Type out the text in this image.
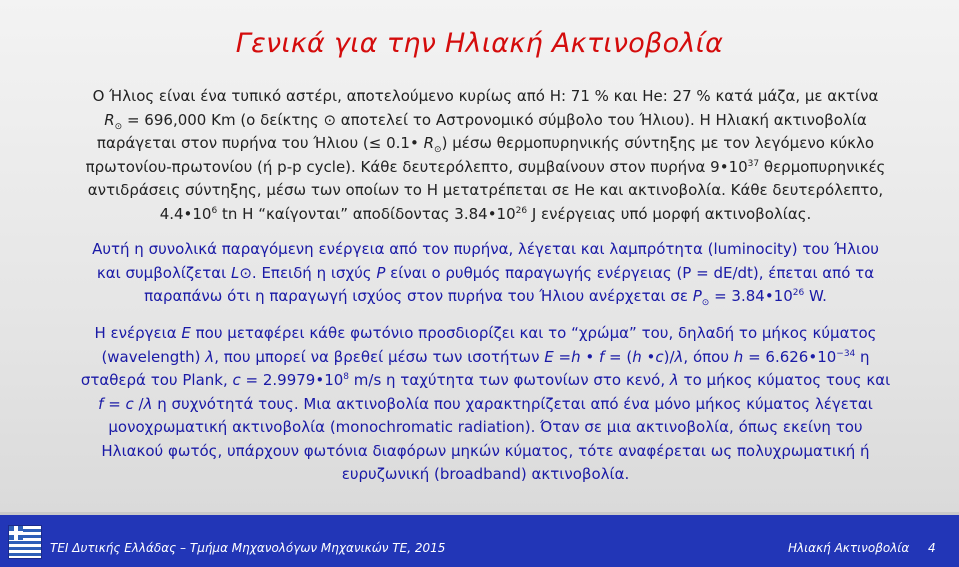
Γενικά για την Ηλιακή Ακτινοβολία

Ο Ήλιος είναι ένα τυπικό αστέρι, αποτελούμενο κυρίως από Η: 71 % και Ηe: 27 % κατά μάζα, με ακτίνα
$R_⊙ = 696,000$ Km (ο δείκτης ⊙ αποτελεί το Αστρονομικό σύμβολο του Ήλιου). Η Ηλιακή ακτινοβολία
παράγεται στον πυρήνα του Ήλιου (≤ 0.1• $R_⊙$) μέσω θερμοπυρηνικής σύντηξης με τον λεγόμενο κύκλο
πρωτονίου-πρωτονίου (ή p-p cycle). Κάθε δευτερόλεπτο, συμβαίνουν στον πυρήνα $9•10^{37}$ θερμοπυρηνικές
αντιδράσεις σύντηξης, μέσω των οποίων το Η μετατρέπεται σε He και ακτινοβολία. Κάθε δευτερόλεπτο,
$4.4•10^6$ tn H “καίγονται” αποδίδοντας $3.84•10^{26}$ J ενέργειας υπό μορφή ακτινοβολίας.

Αυτή η συνολικά παραγόμενη ενέργεια από τον πυρήνα, λέγεται και λαμπρότητα (luminocity) του Ήλιου
και συμβολίζεται L⊙. Επειδή η ισχύς P είναι ο ρυθμός παραγωγής ενέργειας (P = dE/dt), έπεται από τα
παραπάνω ότι η παραγωγή ισχύος στον πυρήνα του Ήλιου ανέρχεται σε $P_⊙$ = $3.84•10^{26}$ W.

Η ενέργεια E που μεταφέρει κάθε φωτόνιο προσδιορίζει και το “χρώμα” του, δηλαδή το μήκος κύματος
(wavelength) λ, που μπορεί να βρεθεί μέσω των ισοτήτων E =h • f = (h •c)/λ, όπου $h = 6.626•10^{-34}$ η
σταθερά του Plank, $c = 2.9979•10^8$ m/s η ταχύτητα των φωτονίων στο κενό, λ το μήκος κύματος τους και
f = c /λ η συχνότητά τους. Μια ακτινοβολία που χαρακτηρίζεται από ένα μόνο μήκος κύματος λέγεται
μονοχρωματική ακτινοβολία (monochromatic radiation). Όταν σε μια ακτινοβολία, όπως εκείνη του
Ηλιακού φωτός, υπάρχουν φωτόνια διαφόρων μηκών κύματος, τότε αναφέρεται ως πολυχρωματική ή
ευρυζωνική (broadband) ακτινοβολία.

ΤΕΙ Δυτικής Ελλάδας – Τμήμα Μηχανολόγων Μηχανικών ΤΕ, 2015	Ηλιακή Ακτινοβολία 4
